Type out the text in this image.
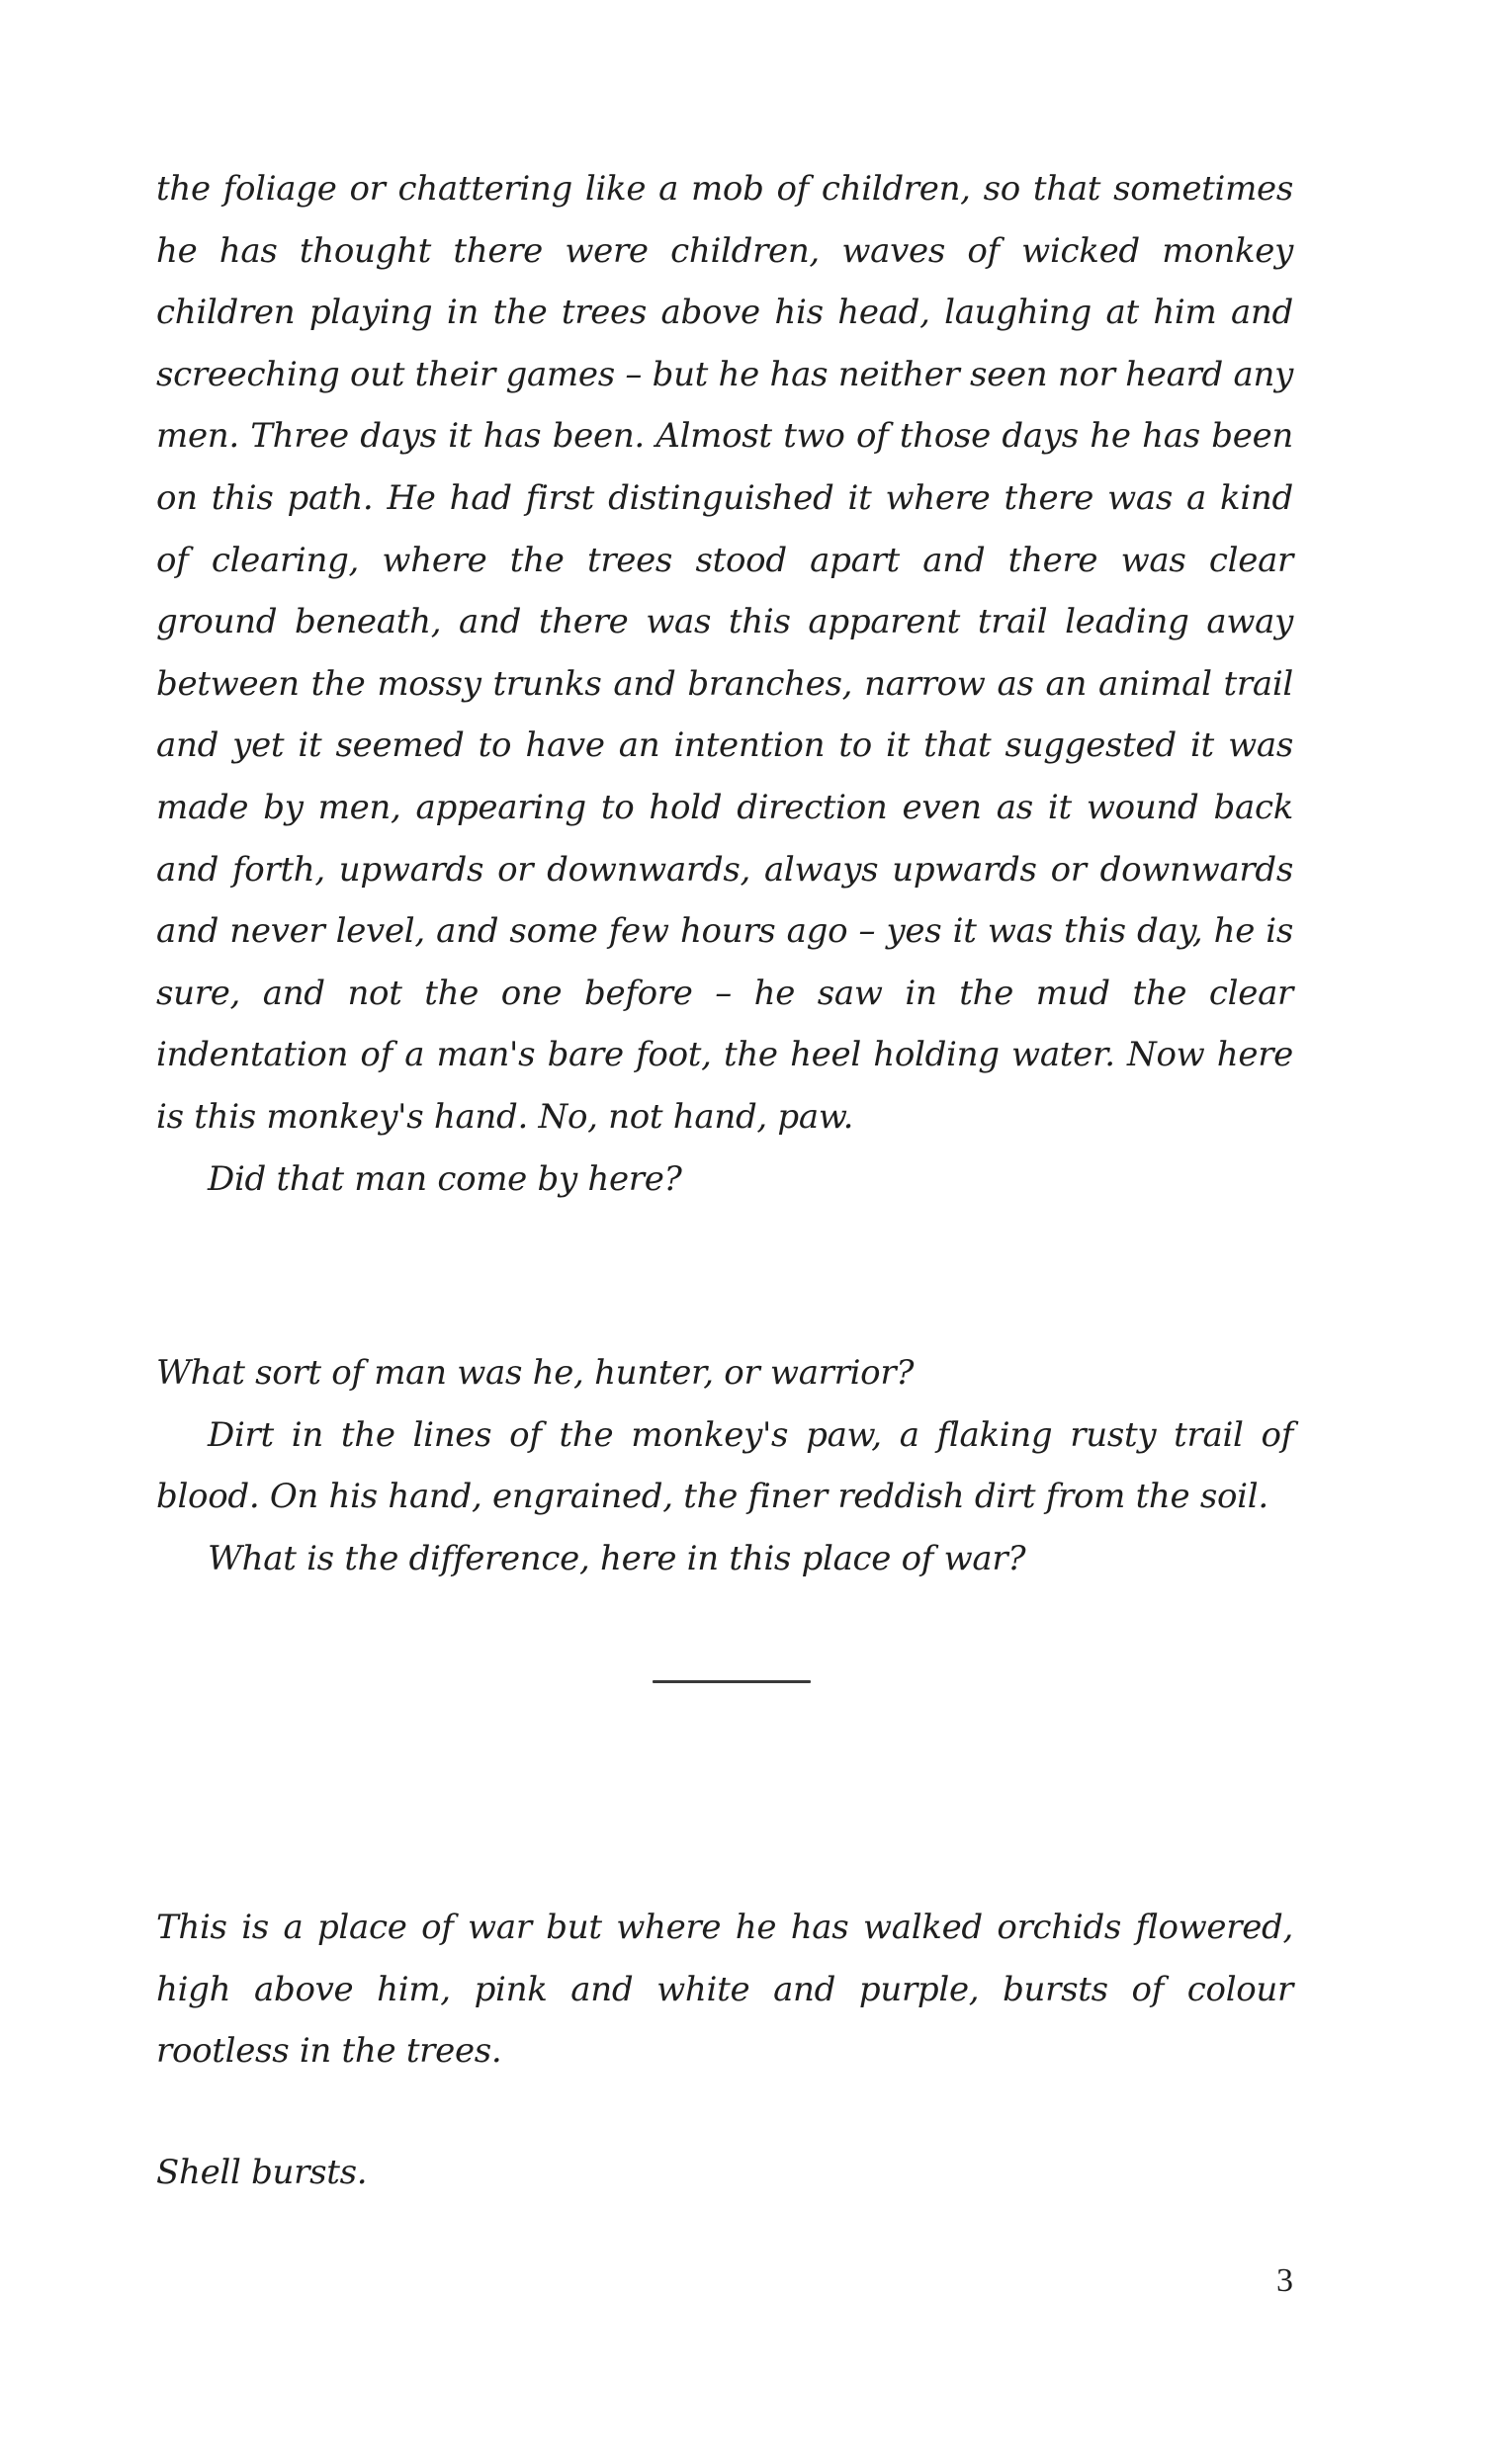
the foliage or chattering like a mob of children, so that sometimes he has thought there were children, waves of wicked monkey children playing in the trees above his head, laughing at him and screeching out their games – but he has neither seen nor heard any men. Three days it has been. Almost two of those days he has been on this path. He had first distinguished it where there was a kind of clearing, where the trees stood apart and there was clear ground beneath, and there was this apparent trail leading away between the mossy trunks and branches, narrow as an animal trail and yet it seemed to have an intention to it that suggested it was made by men, appearing to hold direction even as it wound back and forth, upwards or downwards, always upwards or downwards and never level, and some few hours ago – yes it was this day, he is sure, and not the one before – he saw in the mud the clear indentation of a man's bare foot, the heel holding water. Now here is this monkey's hand. No, not hand, paw.

Did that man come by here?

What sort of man was he, hunter, or warrior?

Dirt in the lines of the monkey's paw, a flaking rusty trail of blood. On his hand, engrained, the finer reddish dirt from the soil.

What is the difference, here in this place of war?

This is a place of war but where he has walked orchids flowered, high above him, pink and white and purple, bursts of colour rootless in the trees.

Shell bursts.

3
